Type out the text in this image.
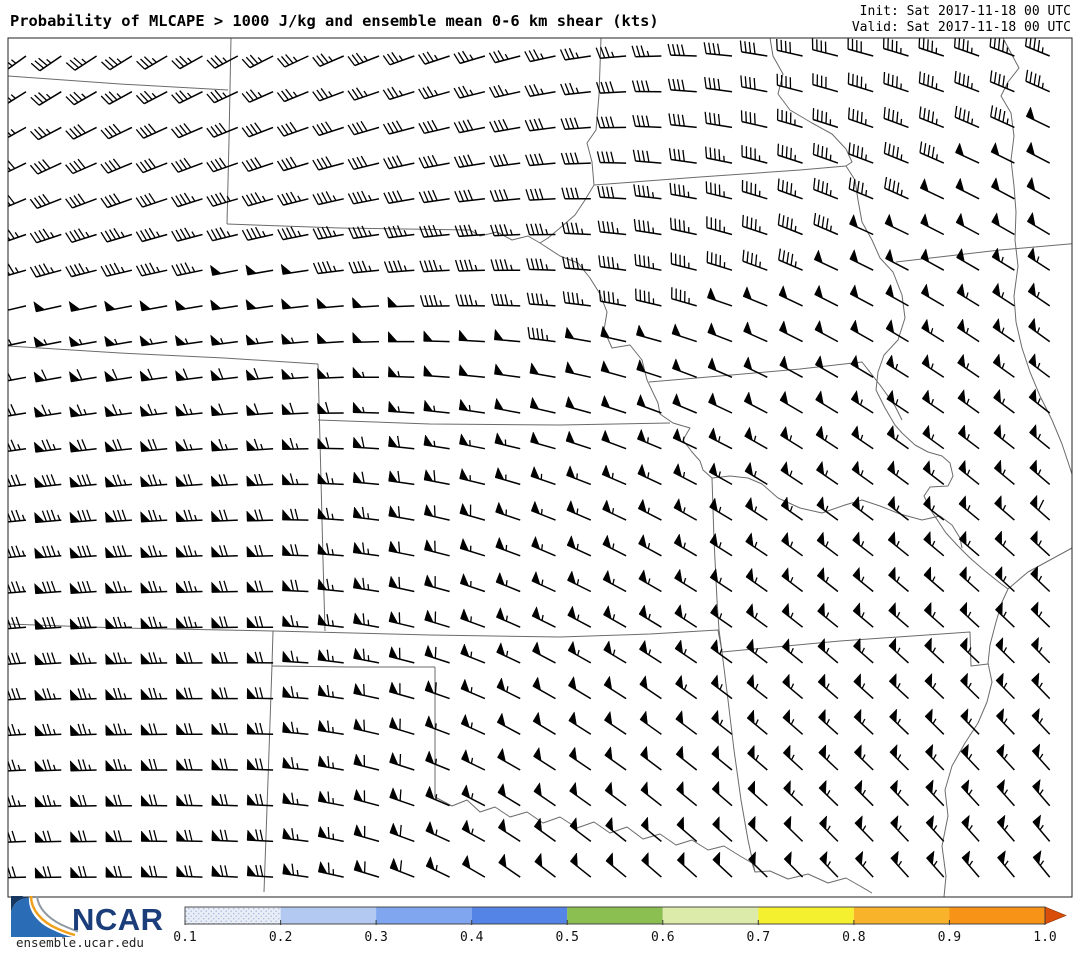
Probability of MLCAPE > 1000 J/kg and ensemble mean 0-6 km shear (kts)
Init: Sat 2017-11-18 00 UTC
Valid: Sat 2017-11-18 00 UTC
0.1	0.2	0.3	0.4	0.5	0.6	0.7	0.8	0.9	1.0
NCAR
ensemble.ucar.edu
